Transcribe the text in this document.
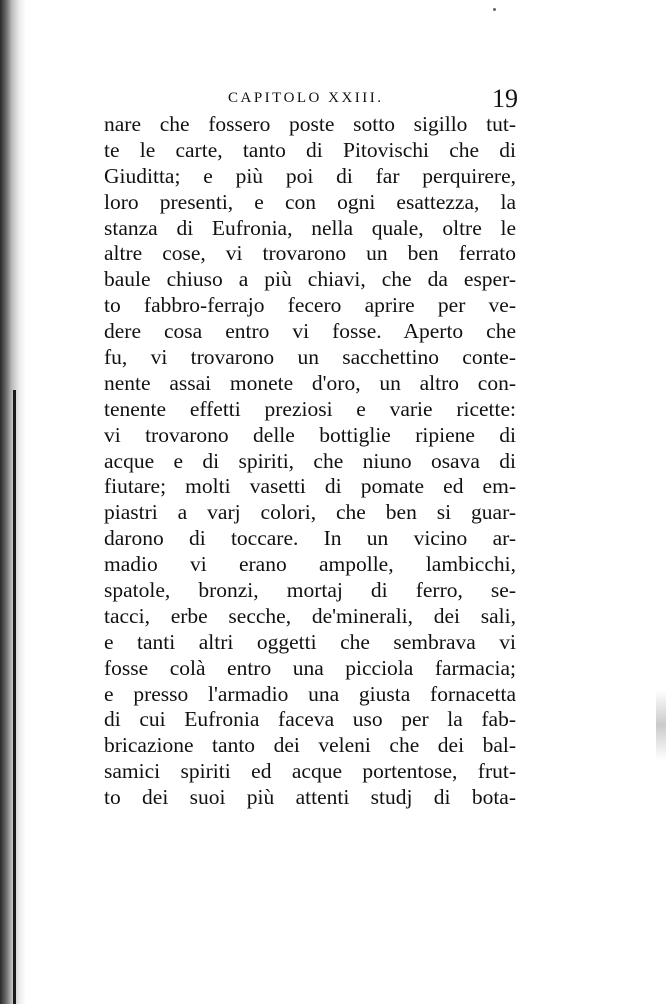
CAPITOLO XXIII.	19
nare che fossero poste sotto sigillo tut-
te le carte, tanto di Pitovischi che di
Giuditta; e più poi di far perquirere,
loro presenti, e con ogni esattezza, la
stanza di Eufronia, nella quale, oltre le
altre cose, vi trovarono un ben ferrato
baule chiuso a più chiavi, che da esper-
to fabbro-ferrajo fecero aprire per ve-
dere cosa entro vi fosse. Aperto che
fu, vi trovarono un sacchettino conte-
nente assai monete d'oro, un altro con-
tenente effetti preziosi e varie ricette:
vi trovarono delle bottiglie ripiene di
acque e di spiriti, che niuno osava di
fiutare; molti vasetti di pomate ed em-
piastri a varj colori, che ben si guar-
darono di toccare. In un vicino ar-
madio vi erano ampolle, lambicchi,
spatole, bronzi, mortaj di ferro, se-
tacci, erbe secche, de'minerali, dei sali,
e tanti altri oggetti che sembrava vi
fosse colà entro una picciola farmacia;
e presso l'armadio una giusta fornacetta
di cui Eufronia faceva uso per la fab-
bricazione tanto dei veleni che dei bal-
samici spiriti ed acque portentose, frut-
to dei suoi più attenti studj di bota-
